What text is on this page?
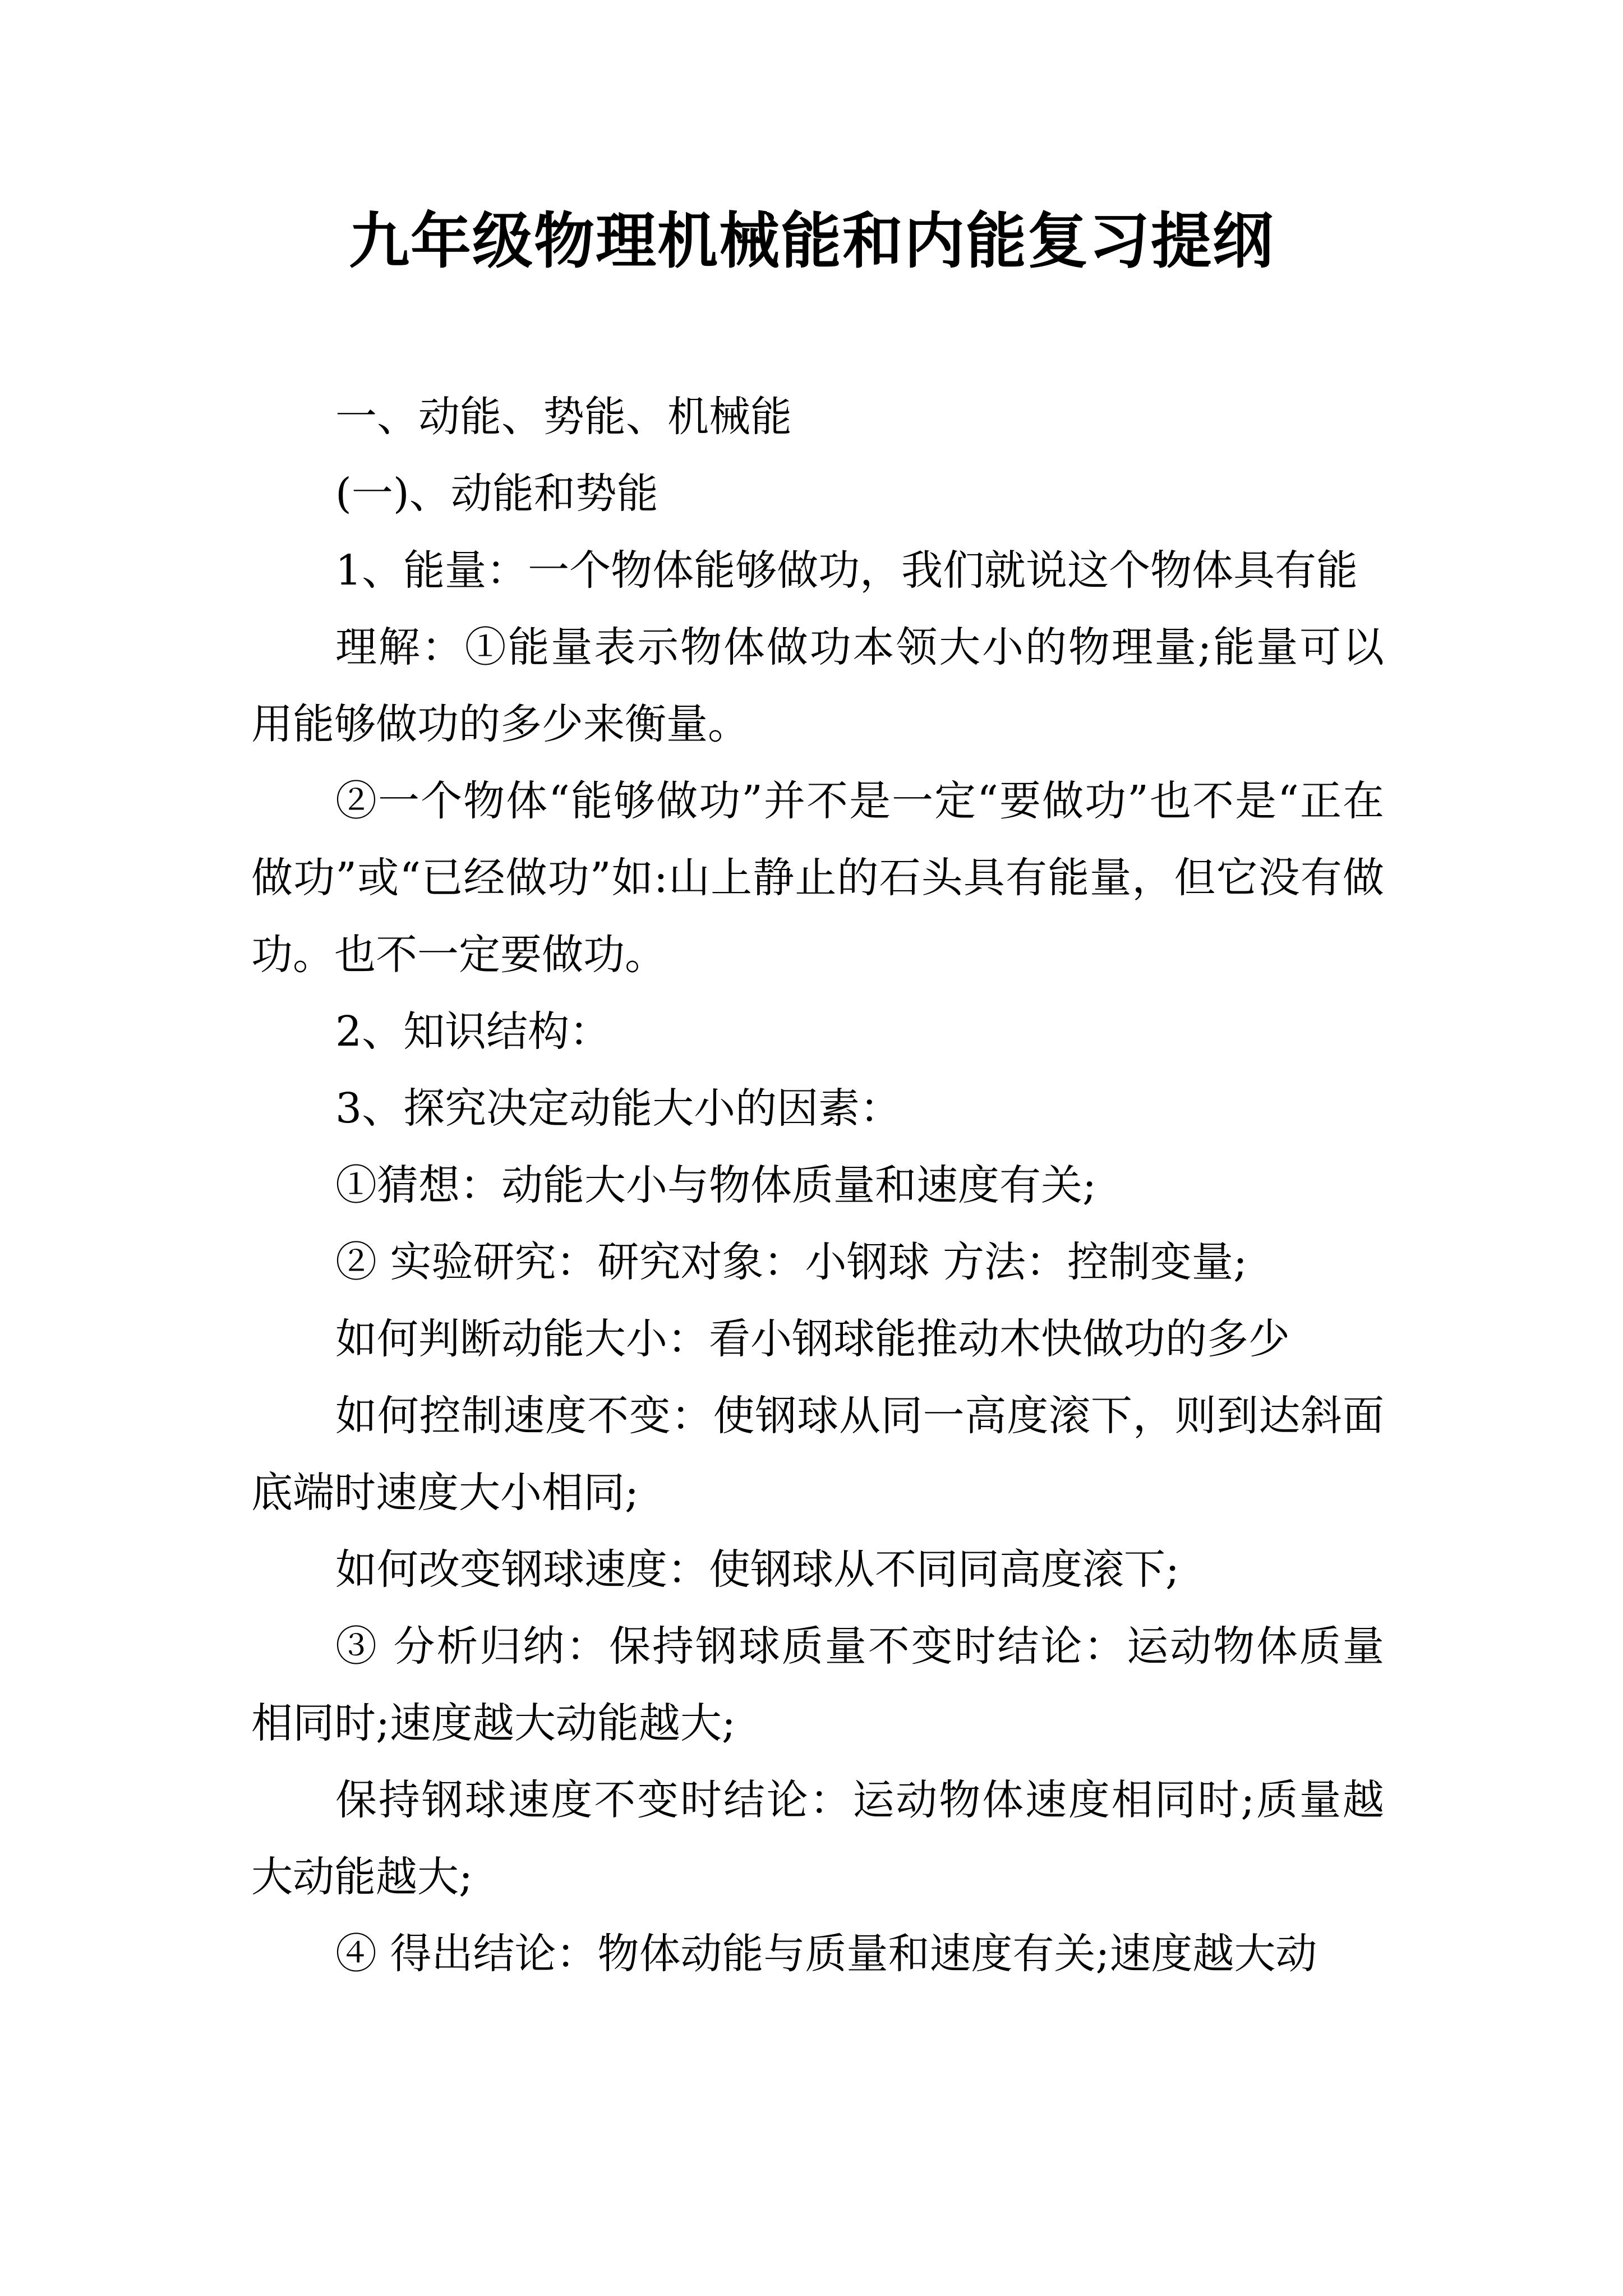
九年级物理机械能和内能复习提纲

一、动能、势能、机械能

(一)、动能和势能

1、能量：一个物体能够做功，我们就说这个物体具有能

理解：①能量表示物体做功本领大小的物理量;能量可以用能够做功的多少来衡量。

②一个物体“能够做功”并不是一定“要做功”也不是“正在做功”或“已经做功”如:山上静止的石头具有能量，但它没有做功。也不一定要做功。

2、知识结构：

3、探究决定动能大小的因素：

①猜想：动能大小与物体质量和速度有关;

② 实验研究：研究对象：小钢球 方法：控制变量;

如何判断动能大小：看小钢球能推动木快做功的多少

如何控制速度不变：使钢球从同一高度滚下，则到达斜面底端时速度大小相同;

如何改变钢球速度：使钢球从不同同高度滚下;

③ 分析归纳：保持钢球质量不变时结论：运动物体质量相同时;速度越大动能越大;

保持钢球速度不变时结论：运动物体速度相同时;质量越大动能越大;

④ 得出结论：物体动能与质量和速度有关;速度越大动
